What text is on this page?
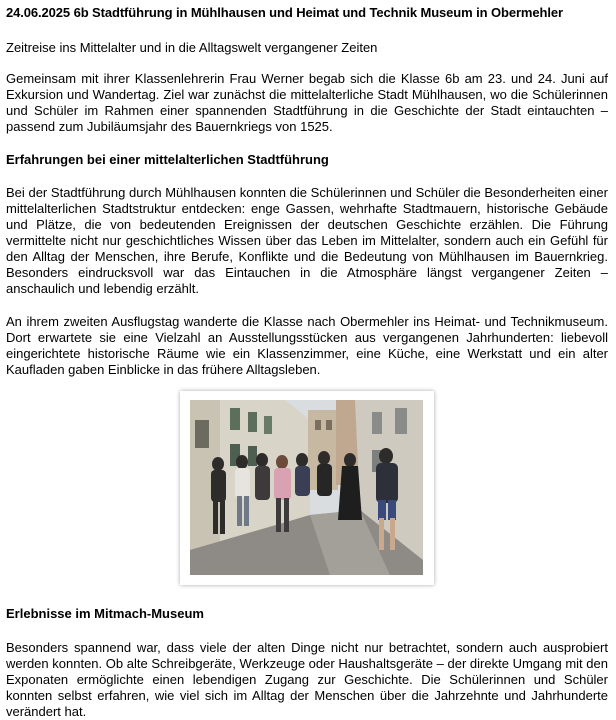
24.06.2025 6b Stadtführung in Mühlhausen und Heimat und Technik Museum in Obermehler

Zeitreise ins Mittelalter und in die Alltagswelt vergangener Zeiten

Gemeinsam mit ihrer Klassenlehrerin Frau Werner begab sich die Klasse 6b am 23. und 24. Juni auf Exkursion und Wandertag. Ziel war zunächst die mittelalterliche Stadt Mühlhausen, wo die Schülerinnen und Schüler im Rahmen einer spannenden Stadtführung in die Geschichte der Stadt eintauchten – passend zum Jubiläumsjahr des Bauernkriegs von 1525.

Erfahrungen bei einer mittelalterlichen Stadtführung

Bei der Stadtführung durch Mühlhausen konnten die Schülerinnen und Schüler die Besonderheiten einer mittelalterlichen Stadtstruktur entdecken: enge Gassen, wehrhafte Stadtmauern, historische Gebäude und Plätze, die von bedeutenden Ereignissen der deutschen Geschichte erzählen. Die Führung vermittelte nicht nur geschichtliches Wissen über das Leben im Mittelalter, sondern auch ein Gefühl für den Alltag der Menschen, ihre Berufe, Konflikte und die Bedeutung von Mühlhausen im Bauernkrieg. Besonders eindrucksvoll war das Eintauchen in die Atmosphäre längst vergangener Zeiten – anschaulich und lebendig erzählt.

An ihrem zweiten Ausflugstag wanderte die Klasse nach Obermehler ins Heimat- und Technikmuseum. Dort erwartete sie eine Vielzahl an Ausstellungsstücken aus vergangenen Jahrhunderten: liebevoll eingerichtete historische Räume wie ein Klassenzimmer, eine Küche, eine Werkstatt und ein alter Kaufladen gaben Einblicke in das frühere Alltagsleben.

Erlebnisse im Mitmach-Museum

Besonders spannend war, dass viele der alten Dinge nicht nur betrachtet, sondern auch ausprobiert werden konnten. Ob alte Schreibgeräte, Werkzeuge oder Haushaltsgeräte – der direkte Umgang mit den Exponaten ermöglichte einen lebendigen Zugang zur Geschichte. Die Schülerinnen und Schüler konnten selbst erfahren, wie viel sich im Alltag der Menschen über die Jahrzehnte und Jahrhunderte verändert hat.
